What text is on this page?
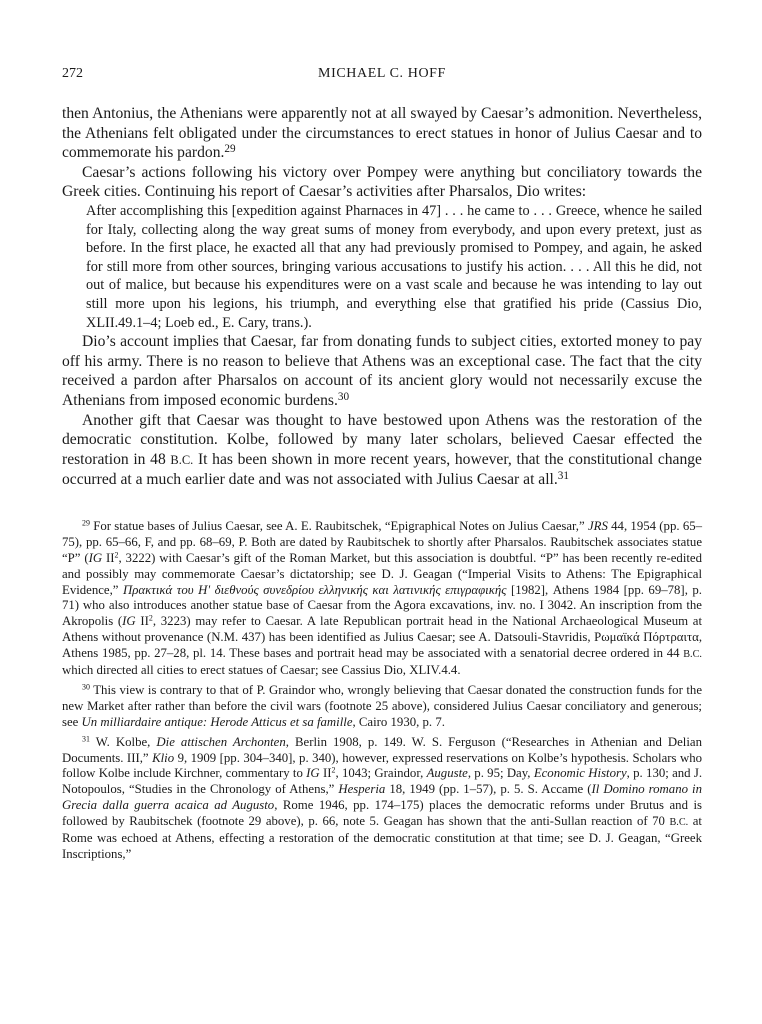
272	MICHAEL C. HOFF

then Antonius, the Athenians were apparently not at all swayed by Caesar’s admonition. Nevertheless, the Athenians felt obligated under the circumstances to erect statues in honor of Julius Caesar and to commemorate his pardon.$^{29}$

Caesar’s actions following his victory over Pompey were anything but conciliatory towards the Greek cities. Continuing his report of Caesar’s activities after Pharsalos, Dio writes:

After accomplishing this [expedition against Pharnaces in 47] . . . he came to . . . Greece, whence he sailed for Italy, collecting along the way great sums of money from everybody, and upon every pretext, just as before. In the first place, he exacted all that any had previously promised to Pompey, and again, he asked for still more from other sources, bringing various accusations to justify his action. . . . All this he did, not out of malice, but because his expenditures were on a vast scale and because he was intending to lay out still more upon his legions, his triumph, and everything else that gratified his pride (Cassius Dio, XLII.49.1–4; Loeb ed., E. Cary, trans.).

Dio’s account implies that Caesar, far from donating funds to subject cities, extorted money to pay off his army. There is no reason to believe that Athens was an exceptional case. The fact that the city received a pardon after Pharsalos on account of its ancient glory would not necessarily excuse the Athenians from imposed economic burdens.$^{30}$

Another gift that Caesar was thought to have bestowed upon Athens was the restoration of the democratic constitution. Kolbe, followed by many later scholars, believed Caesar effected the restoration in 48 B.C. It has been shown in more recent years, however, that the constitutional change occurred at a much earlier date and was not associated with Julius Caesar at all.$^{31}$

$^{29}$ For statue bases of Julius Caesar, see A. E. Raubitschek, “Epigraphical Notes on Julius Caesar,” JRS 44, 1954 (pp. 65–75), pp. 65–66, F, and pp. 68–69, P. Both are dated by Raubitschek to shortly after Pharsalos. Raubitschek associates statue “P” (IG $II^2$, 3222) with Caesar’s gift of the Roman Market, but this association is doubtful. “P” has been recently re-edited and possibly may commemorate Caesar’s dictatorship; see D. J. Geagan (“Imperial Visits to Athens: The Epigraphical Evidence,” Πρακτικά του Η' διεθνούς συνεδρίου ελληνικής και λατινικής επιγραφικής [1982], Athens 1984 [pp. 69–78], p. 71) who also introduces another statue base of Caesar from the Agora excavations, inv. no. I 3042. An inscription from the Akropolis (IG $II^2$, 3223) may refer to Caesar. A late Republican portrait head in the National Archaeological Museum at Athens without provenance (N.M. 437) has been identified as Julius Caesar; see A. Datsouli-Stavridis, Ρωμαϊκά Πόρτραιτα, Athens 1985, pp. 27–28, pl. 14. These bases and portrait head may be associated with a senatorial decree ordered in 44 B.C. which directed all cities to erect statues of Caesar; see Cassius Dio, XLIV.4.4.

$^{30}$ This view is contrary to that of P. Graindor who, wrongly believing that Caesar donated the construction funds for the new Market after rather than before the civil wars (footnote 25 above), considered Julius Caesar conciliatory and generous; see Un milliardaire antique: Herode Atticus et sa famille, Cairo 1930, p. 7.

$^{31}$ W. Kolbe, Die attischen Archonten, Berlin 1908, p. 149. W. S. Ferguson (“Researches in Athenian and Delian Documents. III,” Klio 9, 1909 [pp. 304–340], p. 340), however, expressed reservations on Kolbe’s hypothesis. Scholars who follow Kolbe include Kirchner, commentary to IG $II^2$, 1043; Graindor, Auguste, p. 95; Day, Economic History, p. 130; and J. Notopoulos, “Studies in the Chronology of Athens,” Hesperia 18, 1949 (pp. 1–57), p. 5. S. Accame (Il Domino romano in Grecia dalla guerra acaica ad Augusto, Rome 1946, pp. 174–175) places the democratic reforms under Brutus and is followed by Raubitschek (footnote 29 above), p. 66, note 5. Geagan has shown that the anti-Sullan reaction of 70 B.C. at Rome was echoed at Athens, effecting a restoration of the democratic constitution at that time; see D. J. Geagan, “Greek Inscriptions,”
